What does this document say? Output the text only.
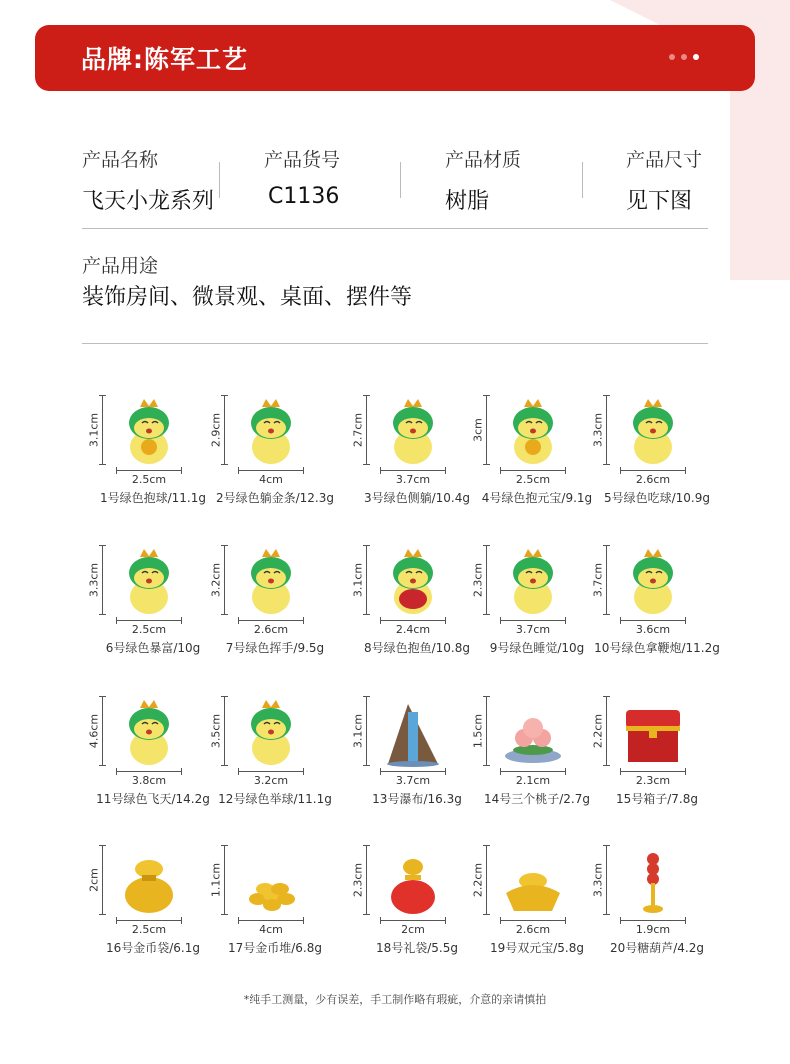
品牌:陈军工艺
产品名称
飞天小龙系列
产品货号
C1136
产品材质
树脂
产品尺寸
见下图
产品用途
装饰房间、微景观、桌面、摆件等
3.1cm
2.5cm
1号绿色抱球/11.1g
2.9cm
4cm
2号绿色躺金条/12.3g
2.7cm
3.7cm
3号绿色侧躺/10.4g
3cm
2.5cm
4号绿色抱元宝/9.1g
3.3cm
2.6cm
5号绿色吃球/10.9g
3.3cm
2.5cm
6号绿色暴富/10g
3.2cm
2.6cm
7号绿色挥手/9.5g
3.1cm
2.4cm
8号绿色抱鱼/10.8g
2.3cm
3.7cm
9号绿色睡觉/10g
3.7cm
3.6cm
10号绿色拿鞭炮/11.2g
4.6cm
3.8cm
11号绿色飞天/14.2g
3.5cm
3.2cm
12号绿色举球/11.1g
3.1cm
3.7cm
13号瀑布/16.3g
1.5cm
2.1cm
14号三个桃子/2.7g
2.2cm
2.3cm
15号箱子/7.8g
2cm
2.5cm
16号金币袋/6.1g
1.1cm
4cm
17号金币堆/6.8g
2.3cm
2cm
18号礼袋/5.5g
2.2cm
2.6cm
19号双元宝/5.8g
3.3cm
1.9cm
20号糖葫芦/4.2g
*纯手工测量，少有误差，手工制作略有瑕疵，介意的亲请慎拍
